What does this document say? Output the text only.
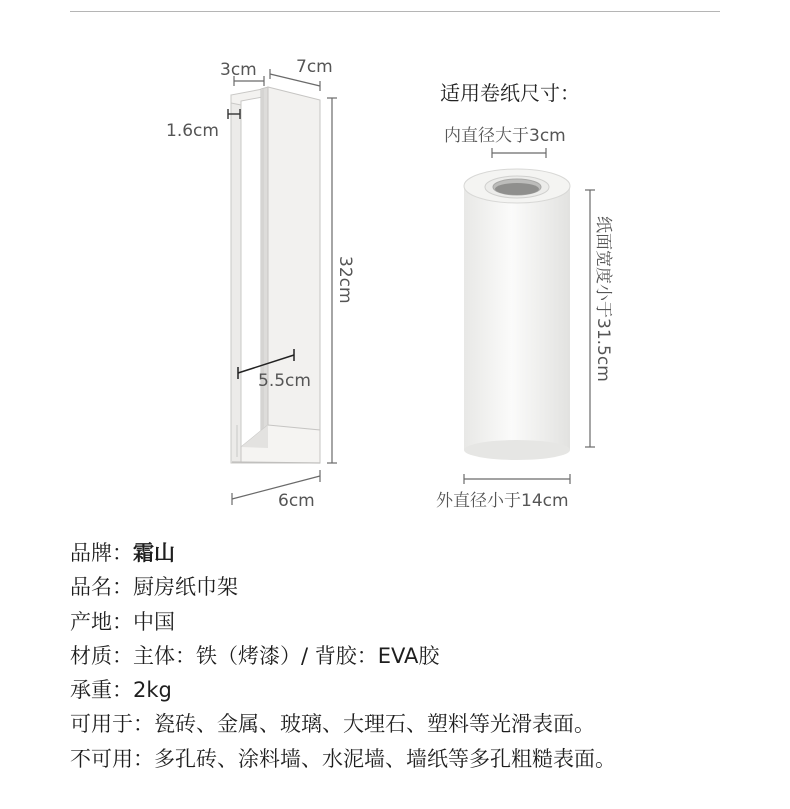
3cm 7cm
1.6cm
32cm
5.5cm
6cm
适用卷纸尺寸：
内直径大于3cm
纸面宽度小于31.5cm
外直径小于14cm
品牌：霜山
品名：厨房纸巾架
产地：中国
材质：主体：铁（烤漆）/ 背胶：EVA胶
承重：2kg
可用于：瓷砖、金属、玻璃、大理石、塑料等光滑表面。
不可用：多孔砖、涂料墙、水泥墙、墙纸等多孔粗糙表面。
